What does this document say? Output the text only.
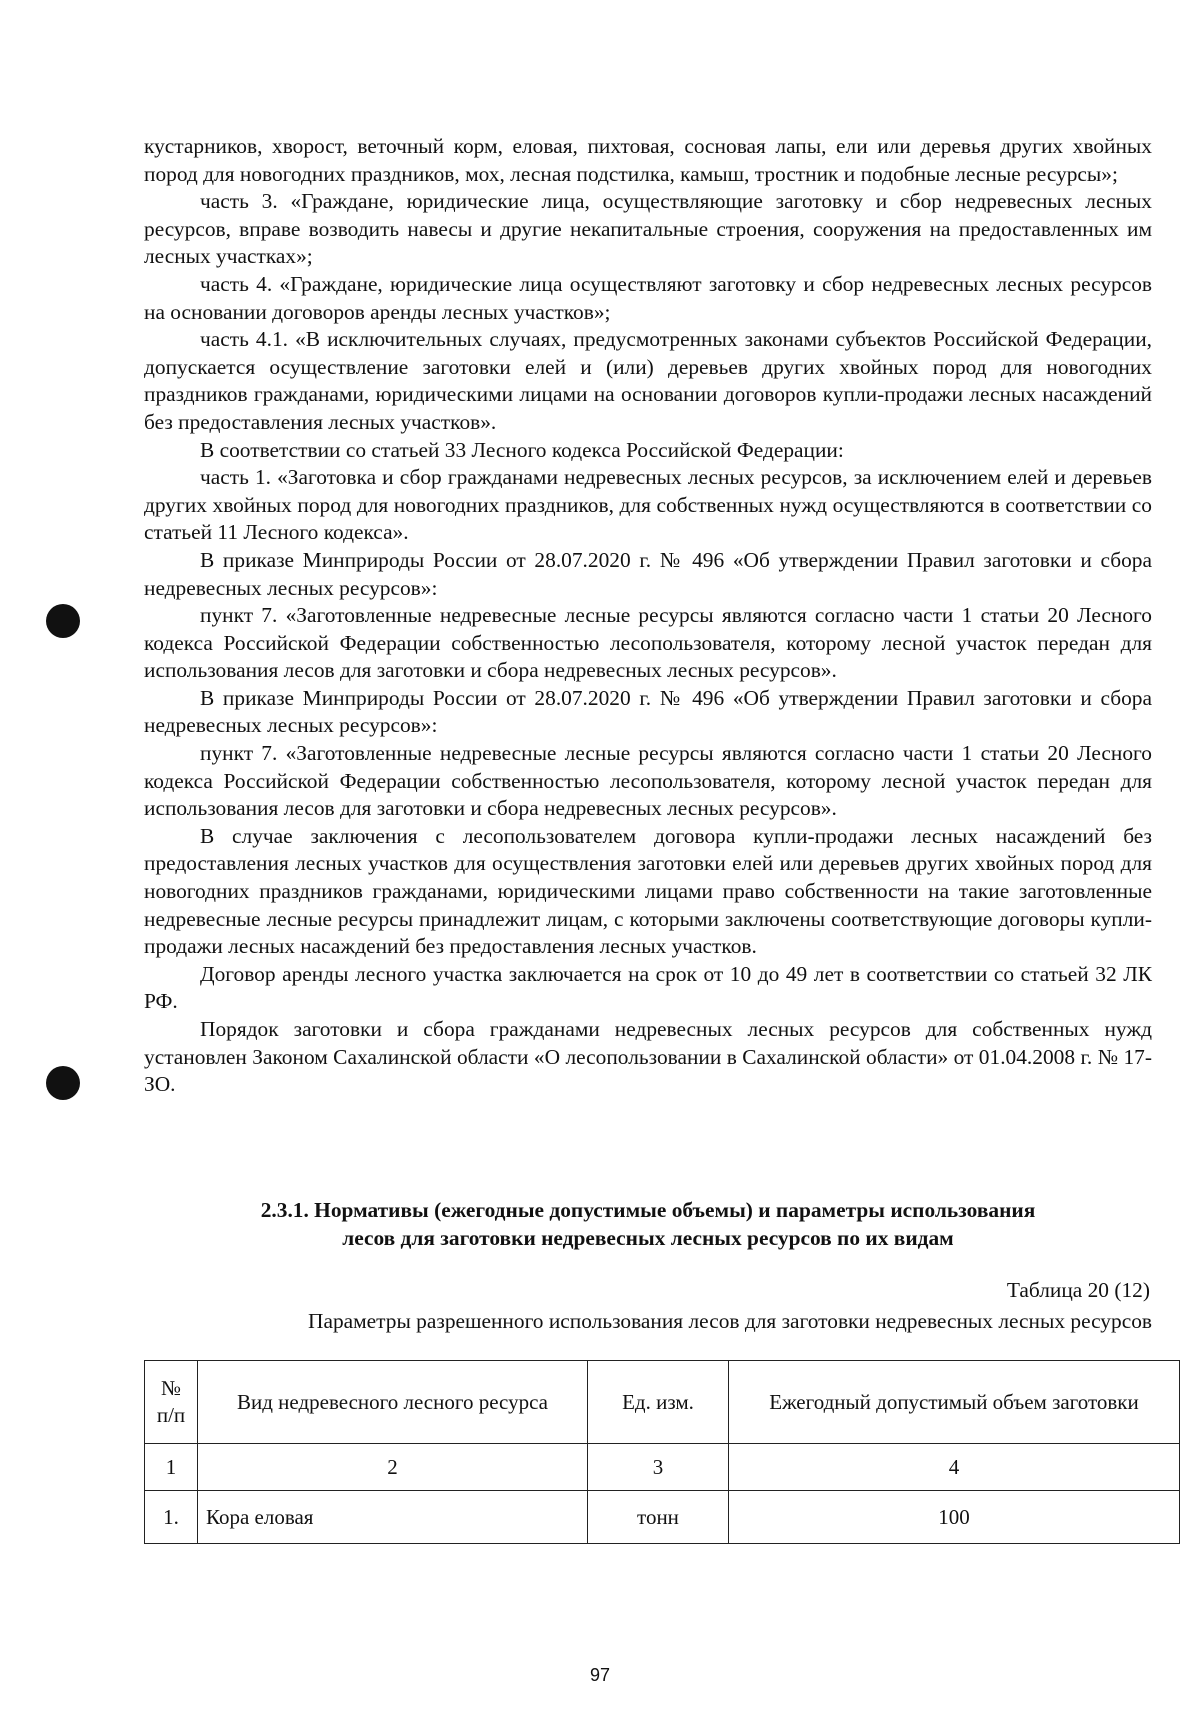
кустарников, хворост, веточный корм, еловая, пихтовая, сосновая лапы, ели или деревья других хвойных пород для новогодних праздников, мох, лесная подстилка, камыш, тростник и подобные лесные ресурсы»;

часть 3. «Граждане, юридические лица, осуществляющие заготовку и сбор недревесных лесных ресурсов, вправе возводить навесы и другие некапитальные строения, сооружения на предоставленных им лесных участках»;

часть 4. «Граждане, юридические лица осуществляют заготовку и сбор недревесных лесных ресурсов на основании договоров аренды лесных участков»;

часть 4.1. «В исключительных случаях, предусмотренных законами субъектов Российской Федерации, допускается осуществление заготовки елей и (или) деревьев других хвойных пород для новогодних праздников гражданами, юридическими лицами на основании договоров купли-продажи лесных насаждений без предоставления лесных участков».

В соответствии со статьей 33 Лесного кодекса Российской Федерации:

часть 1. «Заготовка и сбор гражданами недревесных лесных ресурсов, за исключением елей и деревьев других хвойных пород для новогодних праздников, для собственных нужд осуществляются в соответствии со статьей 11 Лесного кодекса».

В приказе Минприроды России от 28.07.2020 г. № 496 «Об утверждении Правил заготовки и сбора недревесных лесных ресурсов»:

пункт 7. «Заготовленные недревесные лесные ресурсы являются согласно части 1 статьи 20 Лесного кодекса Российской Федерации собственностью лесопользователя, которому лесной участок передан для использования лесов для заготовки и сбора недревесных лесных ресурсов».

В приказе Минприроды России от 28.07.2020 г. № 496 «Об утверждении Правил заготовки и сбора недревесных лесных ресурсов»:

пункт 7. «Заготовленные недревесные лесные ресурсы являются согласно части 1 статьи 20 Лесного кодекса Российской Федерации собственностью лесопользователя, которому лесной участок передан для использования лесов для заготовки и сбора недревесных лесных ресурсов».

В случае заключения с лесопользователем договора купли-продажи лесных насаждений без предоставления лесных участков для осуществления заготовки елей или деревьев других хвойных пород для новогодних праздников гражданами, юридическими лицами право собственности на такие заготовленные недревесные лесные ресурсы принадлежит лицам, с которыми заключены соответствующие договоры купли-продажи лесных насаждений без предоставления лесных участков.

Договор аренды лесного участка заключается на срок от 10 до 49 лет в соответствии со статьей 32 ЛК РФ.

Порядок заготовки и сбора гражданами недревесных лесных ресурсов для собственных нужд установлен Законом Сахалинской области «О лесопользовании в Сахалинской области» от 01.04.2008 г. № 17-ЗО.

2.3.1. Нормативы (ежегодные допустимые объемы) и параметры использования
лесов для заготовки недревесных лесных ресурсов по их видам
Таблица 20 (12)
Параметры разрешенного использования лесов для заготовки недревесных лесных ресурсов
№ п/п	Вид недревесного лесного ресурса	Ед. изм.	Ежегодный допустимый объем заготовки
1	2	3	4
1.	Кора еловая	тонн	100
97
